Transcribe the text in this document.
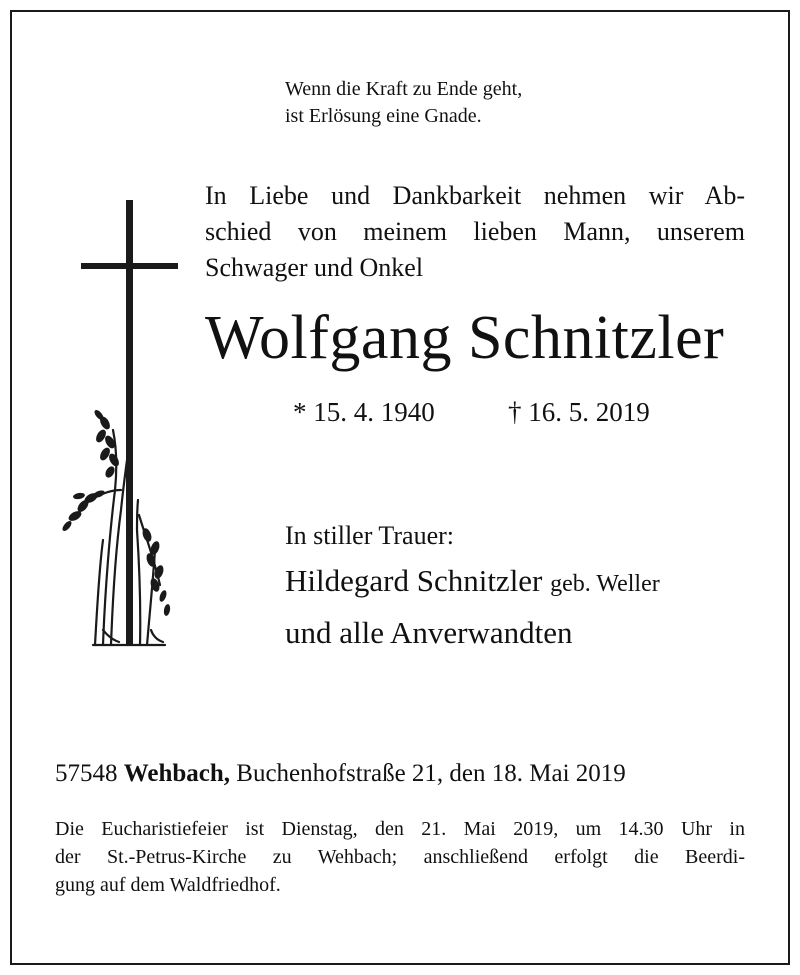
Wenn die Kraft zu Ende geht,
ist Erlösung eine Gnade.
In Liebe und Dankbarkeit nehmen wir Ab-
schied von meinem lieben Mann, unserem
Schwager und Onkel
Wolfgang Schnitzler
* 15. 4. 1940	† 16. 5. 2019
In stiller Trauer:
Hildegard Schnitzler geb. Weller
und alle Anverwandten
57548 Wehbach, Buchenhofstraße 21, den 18. Mai 2019
Die Eucharistiefeier ist Dienstag, den 21. Mai 2019, um 14.30 Uhr in
der St.-Petrus-Kirche zu Wehbach; anschließend erfolgt die Beerdi-
gung auf dem Waldfriedhof.
